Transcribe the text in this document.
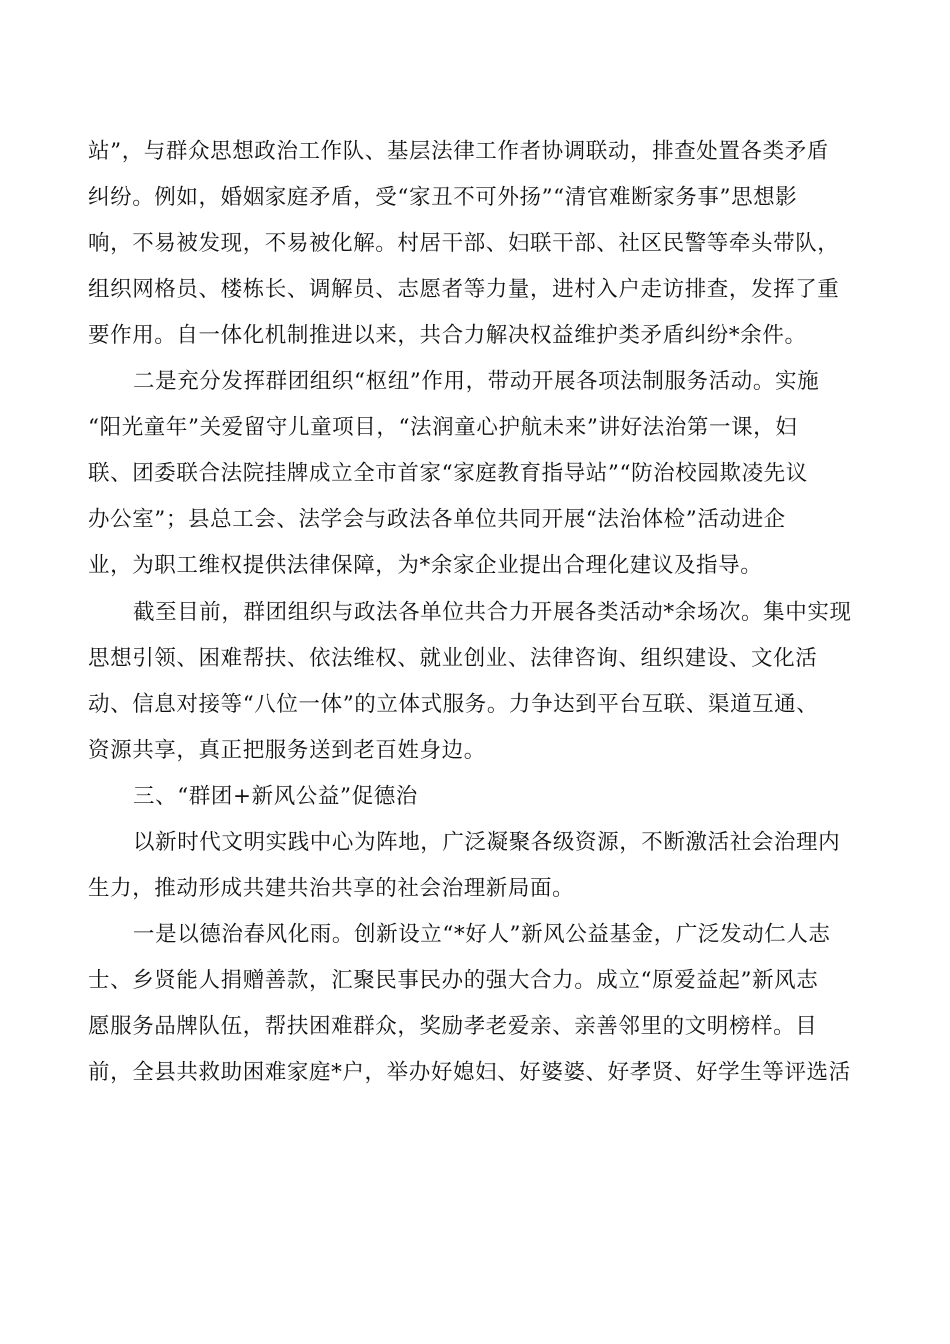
站”，与群众思想政治工作队、基层法律工作者协调联动，排查处置各类矛盾
纠纷。例如，婚姻家庭矛盾，受“家丑不可外扬”“清官难断家务事”思想影
响，不易被发现，不易被化解。村居干部、妇联干部、社区民警等牵头带队，
组织网格员、楼栋长、调解员、志愿者等力量，进村入户走访排查，发挥了重
要作用。自一体化机制推进以来，共合力解决权益维护类矛盾纠纷*余件。
二是充分发挥群团组织“枢纽”作用，带动开展各项法制服务活动。实施
“阳光童年”关爱留守儿童项目，“法润童心护航未来”讲好法治第一课，妇
联、团委联合法院挂牌成立全市首家“家庭教育指导站”“防治校园欺凌先议
办公室”；县总工会、法学会与政法各单位共同开展“法治体检”活动进企
业，为职工维权提供法律保障，为*余家企业提出合理化建议及指导。
截至目前，群团组织与政法各单位共合力开展各类活动*余场次。集中实现
思想引领、困难帮扶、依法维权、就业创业、法律咨询、组织建设、文化活
动、信息对接等“八位一体”的立体式服务。力争达到平台互联、渠道互通、
资源共享，真正把服务送到老百姓身边。
三、“群团+新风公益”促德治
以新时代文明实践中心为阵地，广泛凝聚各级资源，不断激活社会治理内
生力，推动形成共建共治共享的社会治理新局面。
一是以德治春风化雨。创新设立“*好人”新风公益基金，广泛发动仁人志
士、乡贤能人捐赠善款，汇聚民事民办的强大合力。成立“原爱益起”新风志
愿服务品牌队伍，帮扶困难群众，奖励孝老爱亲、亲善邻里的文明榜样。目
前，全县共救助困难家庭*户，举办好媳妇、好婆婆、好孝贤、好学生等评选活
